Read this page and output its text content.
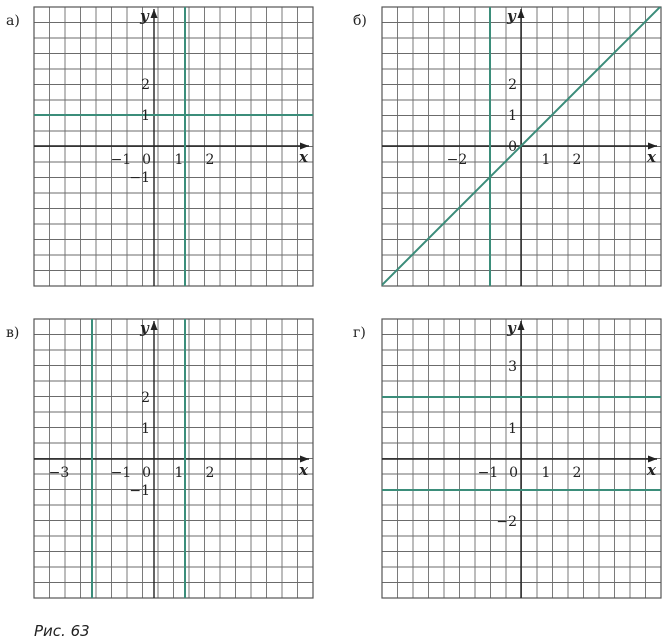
а)
x
y
−1 0 1 2
1
2
−1
б)
x
y
−2	1 2
0
1
2
в)
x
y
−3	−1 0 1 2
1
2
−1
г)
x
y
−1 0 1 2
1
3
−2
Рис. 63
